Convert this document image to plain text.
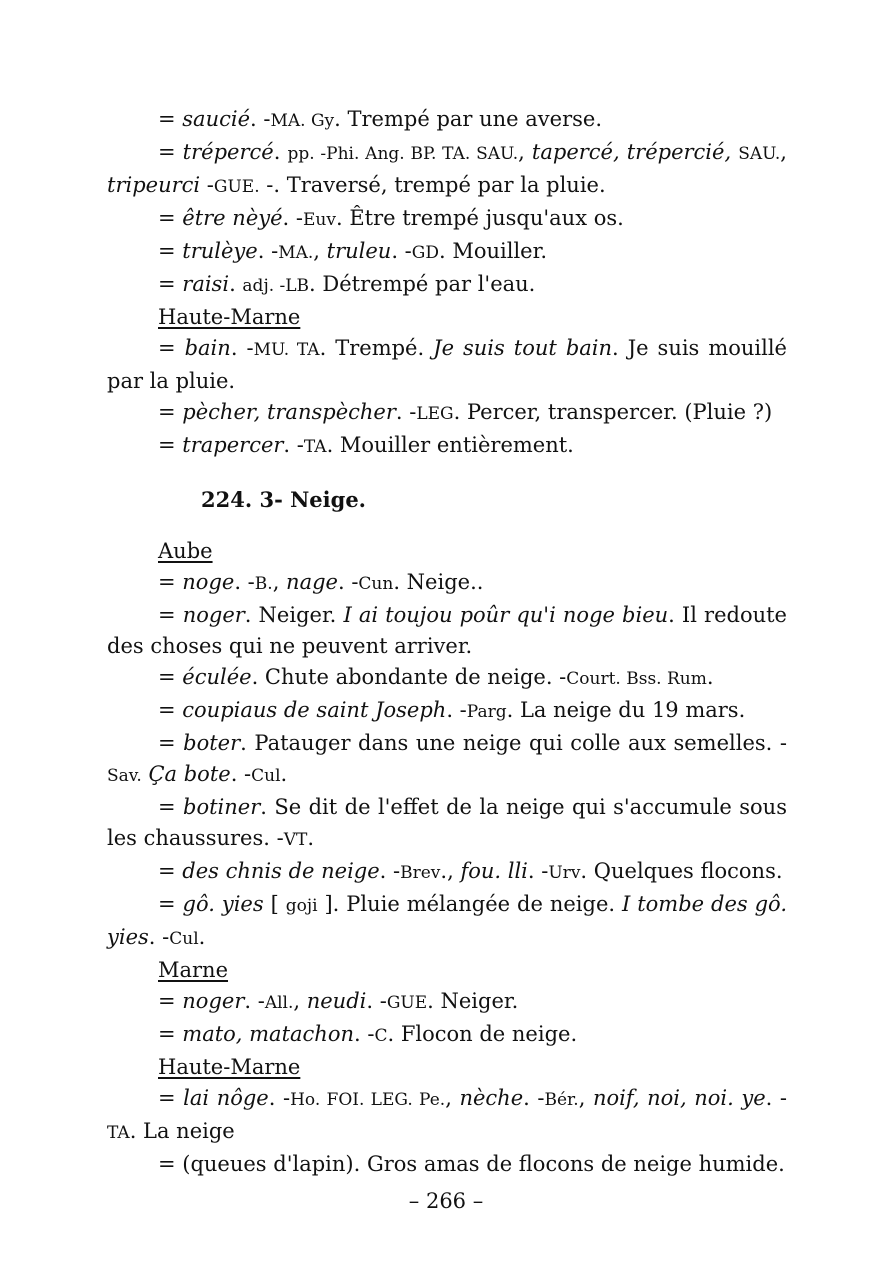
= saucié. -MA. Gy. Trempé par une averse.

= trépercé. pp. -Phi. Ang. BP. TA. SAU., tapercé, trépercié, SAU., tripeurci -GUE. -. Traversé, trempé par la pluie.

= être nèyé. -Euv. Être trempé jusqu'aux os.

= trulèye. -MA., truleu. -GD. Mouiller.

= raisi. adj. -LB. Détrempé par l'eau.

Haute-Marne

= bain. -MU. TA. Trempé. Je suis tout bain. Je suis mouillé par la pluie.

= pècher, transpècher. -LEG. Percer, transpercer. (Pluie ?)

= trapercer. -TA. Mouiller entièrement.

224. 3- Neige.

Aube

= noge. -B., nage. -Cun. Neige..

= noger. Neiger. I ai toujou poûr qu'i noge bieu. Il redoute des choses qui ne peuvent arriver.

= éculée. Chute abondante de neige. -Court. Bss. Rum.

= coupiaus de saint Joseph. -Parg. La neige du 19 mars.

= boter. Patauger dans une neige qui colle aux semelles. -Sav. Ça bote. -Cul.

= botiner. Se dit de l'effet de la neige qui s'accumule sous les chaussures. -VT.

= des chnis de neige. -Brev., fou. lli. -Urv. Quelques flocons.

= gô. yies [ goji ]. Pluie mélangée de neige. I tombe des gô. yies. -Cul.

Marne

= noger. -All., neudi. -GUE. Neiger.

= mato, matachon. -C. Flocon de neige.

Haute-Marne

= lai nôge. -Ho. FOI. LEG. Pe., nèche. -Bér., noif, noi, noi. ye. -TA. La neige

= (queues d'lapin). Gros amas de flocons de neige humide.

– 266 –
